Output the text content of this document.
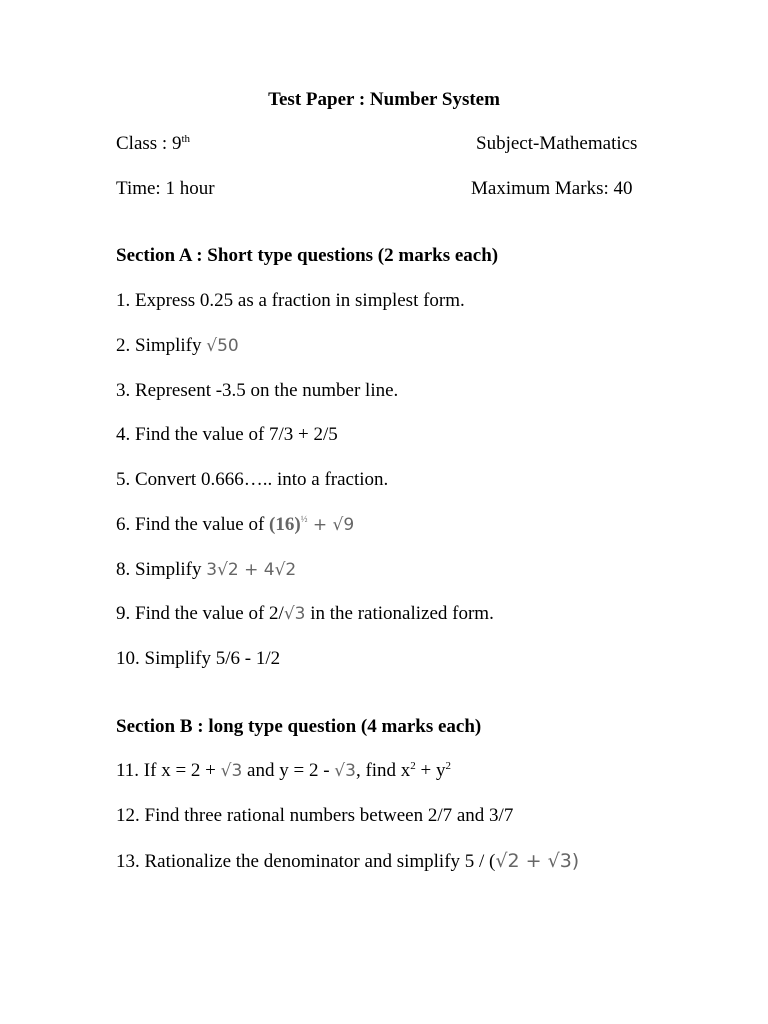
Test Paper : Number System
Class : 9th	Subject-Mathematics
Time: 1 hour	Maximum Marks: 40
Section A : Short type questions (2 marks each)
1. Express 0.25 as a fraction in simplest form.
2. Simplify √50
3. Represent -3.5 on the number line.
4. Find the value of 7/3 + 2/5
5. Convert 0.666….. into a fraction.
6. Find the value of $(16)^{\frac{1}{2}} + √9$
8. Simplify 3√2 + 4√2
9. Find the value of 2/√3 in the rationalized form.
10. Simplify 5/6 - 1/2
Section B : long type question (4 marks each)
11. If x = 2 + √3 and y = 2 - √3, find $x^2 + y^2$
12. Find three rational numbers between 2/7 and 3/7
13. Rationalize the denominator and simplify 5 / (√2 + √3)
